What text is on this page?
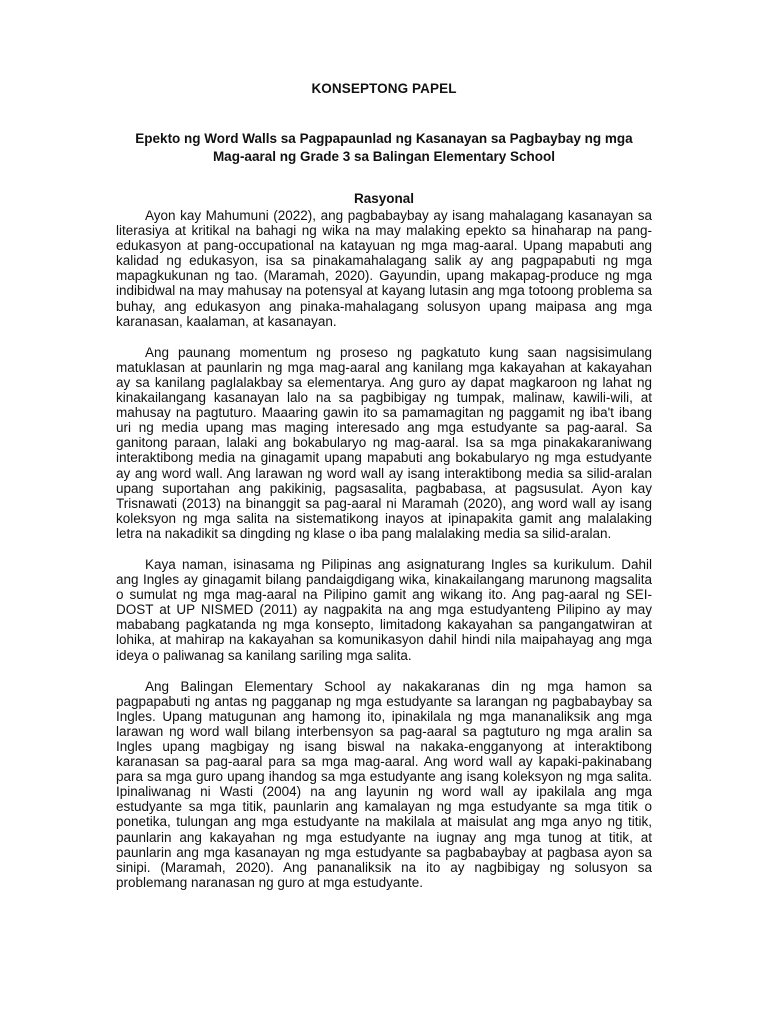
KONSEPTONG PAPEL
Epekto ng Word Walls sa Pagpapaunlad ng Kasanayan sa Pagbaybay ng mga
Mag-aaral ng Grade 3 sa Balingan Elementary School
Rasyonal

Ayon kay Mahumuni (2022), ang pagbabaybay ay isang mahalagang kasanayan sa literasiya at kritikal na bahagi ng wika na may malaking epekto sa hinaharap na pang-edukasyon at pang-occupational na katayuan ng mga mag-aaral. Upang mapabuti ang kalidad ng edukasyon, isa sa pinakamahalagang salik ay ang pagpapabuti ng mga mapagkukunan ng tao. (Maramah, 2020). Gayundin, upang makapag-produce ng mga indibidwal na may mahusay na potensyal at kayang lutasin ang mga totoong problema sa buhay, ang edukasyon ang pinaka-mahalagang solusyon upang maipasa ang mga karanasan, kaalaman, at kasanayan.

Ang paunang momentum ng proseso ng pagkatuto kung saan nagsisimulang matuklasan at paunlarin ng mga mag-aaral ang kanilang mga kakayahan at kakayahan ay sa kanilang paglalakbay sa elementarya. Ang guro ay dapat magkaroon ng lahat ng kinakailangang kasanayan lalo na sa pagbibigay ng tumpak, malinaw, kawili-wili, at mahusay na pagtuturo. Maaaring gawin ito sa pamamagitan ng paggamit ng iba't ibang uri ng media upang mas maging interesado ang mga estudyante sa pag-aaral. Sa ganitong paraan, lalaki ang bokabularyo ng mag-aaral. Isa sa mga pinakakaraniwang interaktibong media na ginagamit upang mapabuti ang bokabularyo ng mga estudyante ay ang word wall. Ang larawan ng word wall ay isang interaktibong media sa silid-aralan upang suportahan ang pakikinig, pagsasalita, pagbabasa, at pagsusulat. Ayon kay Trisnawati (2013) na binanggit sa pag-aaral ni Maramah (2020), ang word wall ay isang koleksyon ng mga salita na sistematikong inayos at ipinapakita gamit ang malalaking letra na nakadikit sa dingding ng klase o iba pang malalaking media sa silid-aralan.

Kaya naman, isinasama ng Pilipinas ang asignaturang Ingles sa kurikulum. Dahil ang Ingles ay ginagamit bilang pandaigdigang wika, kinakailangang marunong magsalita o sumulat ng mga mag-aaral na Pilipino gamit ang wikang ito. Ang pag-aaral ng SEI-DOST at UP NISMED (2011) ay nagpakita na ang mga estudyanteng Pilipino ay may mababang pagkatanda ng mga konsepto, limitadong kakayahan sa pangangatwiran at lohika, at mahirap na kakayahan sa komunikasyon dahil hindi nila maipahayag ang mga ideya o paliwanag sa kanilang sariling mga salita.

Ang Balingan Elementary School ay nakakaranas din ng mga hamon sa pagpapabuti ng antas ng pagganap ng mga estudyante sa larangan ng pagbabaybay sa Ingles. Upang matugunan ang hamong ito, ipinakilala ng mga mananaliksik ang mga larawan ng word wall bilang interbensyon sa pag-aaral sa pagtuturo ng mga aralin sa Ingles upang magbigay ng isang biswal na nakaka-engganyong at interaktibong karanasan sa pag-aaral para sa mga mag-aaral. Ang word wall ay kapaki-pakinabang para sa mga guro upang ihandog sa mga estudyante ang isang koleksyon ng mga salita. Ipinaliwanag ni Wasti (2004) na ang layunin ng word wall ay ipakilala ang mga estudyante sa mga titik, paunlarin ang kamalayan ng mga estudyante sa mga titik o ponetika, tulungan ang mga estudyante na makilala at maisulat ang mga anyo ng titik, paunlarin ang kakayahan ng mga estudyante na iugnay ang mga tunog at titik, at paunlarin ang mga kasanayan ng mga estudyante sa pagbabaybay at pagbasa ayon sa sinipi. (Maramah, 2020). Ang pananaliksik na ito ay nagbibigay ng solusyon sa problemang naranasan ng guro at mga estudyante.
